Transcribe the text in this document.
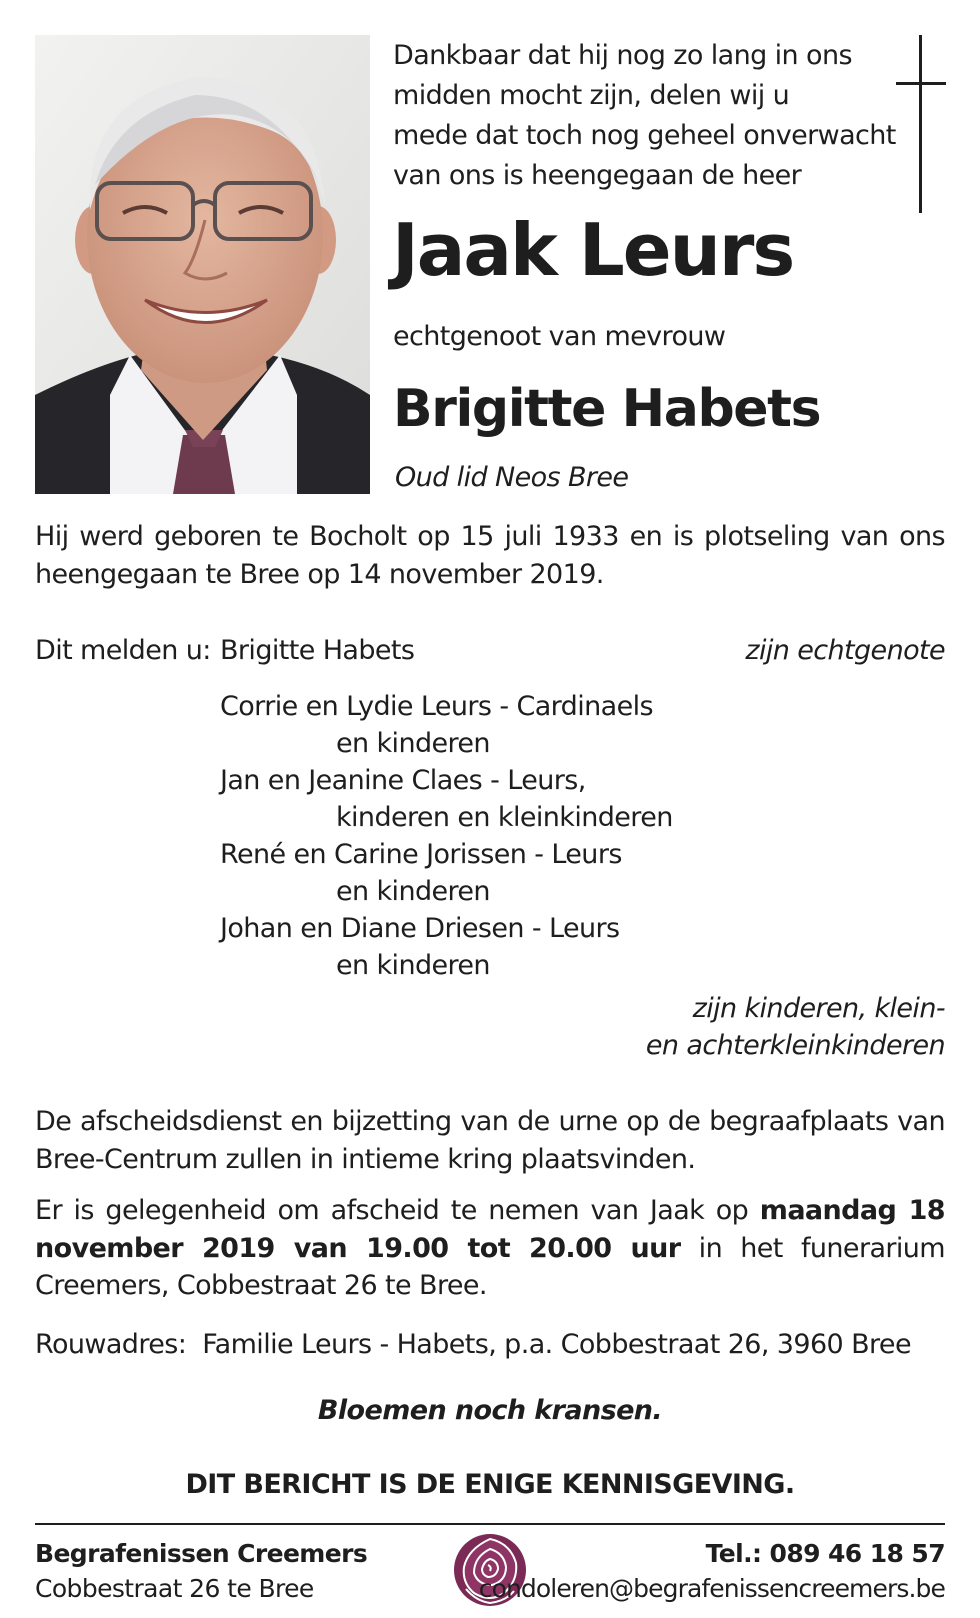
Dankbaar dat hij nog zo lang in ons
midden mocht zijn, delen wij u
mede dat toch nog geheel onverwacht
van ons is heengegaan de heer
Jaak Leurs
echtgenoot van mevrouw
Brigitte Habets
Oud lid Neos Bree
Hij werd geboren te Bocholt op 15 juli 1933 en is plotseling van ons heengegaan te Bree op 14 november 2019.
Dit melden u: Brigitte Habets	zijn echtgenote
Corrie en Lydie Leurs - Cardinaels
en kinderen
Jan en Jeanine Claes - Leurs,
kinderen en kleinkinderen
René en Carine Jorissen - Leurs
en kinderen
Johan en Diane Driesen - Leurs
en kinderen
zijn kinderen, klein-
en achterkleinkinderen
De afscheidsdienst en bijzetting van de urne op de begraafplaats van Bree-Centrum zullen in intieme kring plaatsvinden.
Er is gelegenheid om afscheid te nemen van Jaak op maandag 18 november 2019 van 19.00 tot 20.00 uur in het funerarium Creemers, Cobbestraat 26 te Bree.
Rouwadres: Familie Leurs - Habets, p.a. Cobbestraat 26, 3960 Bree
Bloemen noch kransen.
DIT BERICHT IS DE ENIGE KENNISGEVING.
Begrafenissen Creemers
Cobbestraat 26 te Bree
Tel.: 089 46 18 57
condoleren@begrafenissencreemers.be
